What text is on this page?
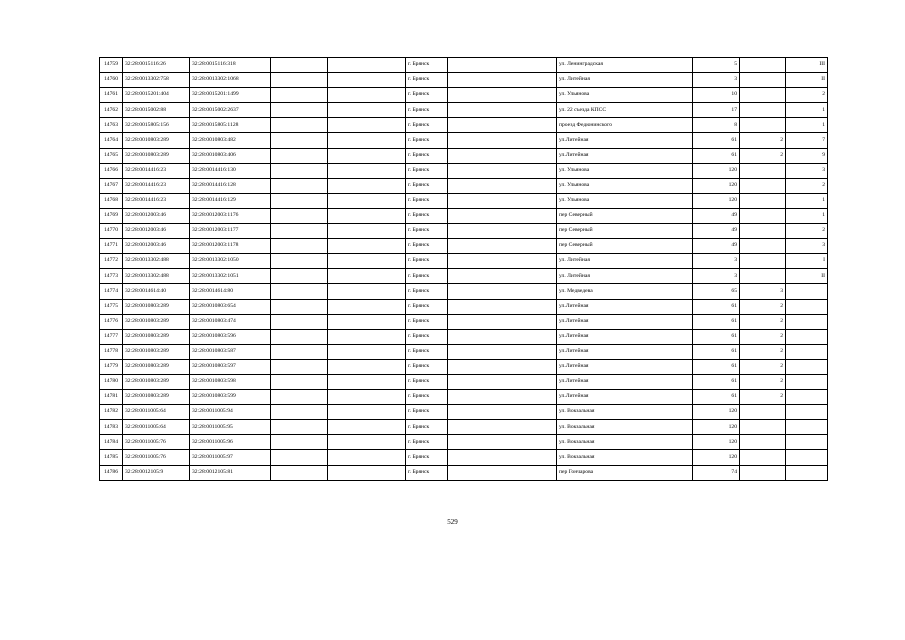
14759	32:28:0015116:26	32:28:0015116:318			г. Брянск		ул. Ленинградская	5		III
14760	32:28:0013302:758	32:28:0013302:1068			г. Брянск		ул. Литейная	3		II
14761	32:28:0015201:404	32:28:0015201:1499			г. Брянск		ул. Ульянова	10		2
14762	32:28:0015002:88	32:28:0015002:2637			г. Брянск		ул. 22 съезда КПСС	17		1
14763	32:28:0015805:156	32:28:0015805:1128			г. Брянск		проезд Федюнинского	8		1
14764	32:28:0010803:289	32:28:0010803:482			г. Брянск		ул.Литейная	61	2	7
14765	32:28:0010803:289	32:28:0010803:406			г. Брянск		ул.Литейная	61	2	9
14766	32:28:0014416:23	32:28:0014416:130			г. Брянск		ул. Ульянова	120		3
14767	32:28:0014416:23	32:28:0014416:128			г. Брянск		ул. Ульянова	120		2
14768	32:28:0014416:23	32:28:0014416:129			г. Брянск		ул. Ульянова	120		1
14769	32:28:0012003:46	32:28:0012003:1176			г. Брянск		пер Северный	49		1
14770	32:28:0012003:46	32:28:0012003:1177			г. Брянск		пер Северный	49		2
14771	32:28:0012003:46	32:28:0012003:1178			г. Брянск		пер Северный	49		3
14772	32:28:0013302:488	32:28:0013302:1050			г. Брянск		ул. Литейная	3		I
14773	32:28:0013302:488	32:28:0013302:1051			г. Брянск		ул. Литейная	3		II
14774	32:28:0014614:40	32:28:0014614:80			г. Брянск		ул. Медведева	65	3	
14775	32:28:0010803:289	32:28:0010803:654			г. Брянск		ул.Литейная	61	2	
14776	32:28:0010803:289	32:28:0010803:474			г. Брянск		ул.Литейная	61	2	
14777	32:28:0010803:289	32:28:0010803:596			г. Брянск		ул.Литейная	61	2	
14778	32:28:0010803:289	32:28:0010803:587			г. Брянск		ул.Литейная	61	2	
14779	32:28:0010803:289	32:28:0010803:597			г. Брянск		ул.Литейная	61	2	
14780	32:28:0010803:289	32:28:0010803:598			г. Брянск		ул.Литейная	61	2	
14781	32:28:0010803:289	32:28:0010803:599			г. Брянск		ул.Литейная	61	2	
14782	32:28:0011005:64	32:28:0011005:94			г. Брянск		ул. Вокзальная	120		
14783	32:28:0011005:64	32:28:0011005:95			г. Брянск		ул. Вокзальная	120		
14784	32:28:0011005:76	32:28:0011005:96			г. Брянск		ул. Вокзальная	120		
14785	32:28:0011005:76	32:28:0011005:97			г. Брянск		ул. Вокзальная	120		
14786	32:28:0012105:9	32:28:0012105:81			г. Брянск		пер Гончарова	74		
529
